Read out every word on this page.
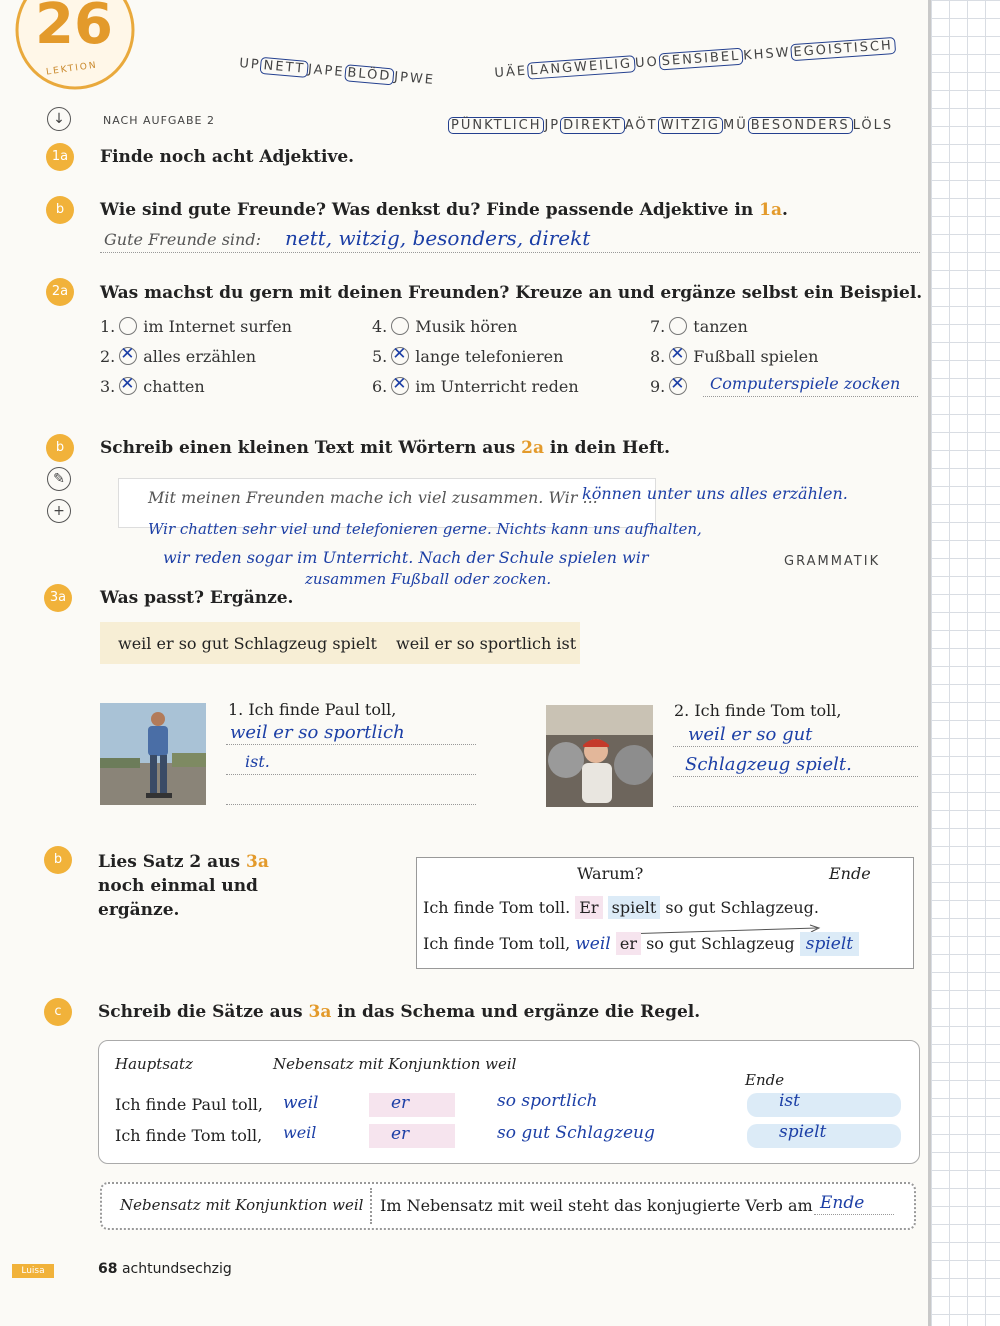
26
LEKTION
↓	NACH AUFGABE 2
UÄE LANGWEILIG UO SENSIBEL KHSW EGOISTISCH
UP NETT JAPE BLÖD JPWE
PÜNKTLICH JP DIREKT AÖT WITZIG MÜ BESONDERS LÖLS
1a	Finde noch acht Adjektive.
b	Wie sind gute Freunde? Was denkst du? Finde passende Adjektive in 1a.
Gute Freunde sind: nett, witzig, besonders, direkt
2a	Was machst du gern mit deinen Freunden? Kreuze an und ergänze selbst ein Beispiel.
1. im Internet surfen
2. ✕ alles erzählen
3. ✕ chatten
4. Musik hören
5. ✕ lange telefonieren
6. ✕ im Unterricht reden
7. tanzen
8. ✕ Fußball spielen
9. ✕	Computerspiele zocken
b	Schreib einen kleinen Text mit Wörtern aus 2a in dein Heft.
✎
+
Mit meinen Freunden mache ich viel zusammen. Wir ...
können unter uns alles erzählen.
Wir chatten sehr viel und telefonieren gerne. Nichts kann uns aufhalten,
wir reden sogar im Unterricht. Nach der Schule spielen wir
zusammen Fußball oder zocken.
GRAMMATIK
3a	Was passt? Ergänze.
weil er so gut Schlagzeug spielt weil er so sportlich ist
1. Ich finde Paul toll,
weil er so sportlich
ist.
2. Ich finde Tom toll,
weil er so gut
Schlagzeug spielt.
b	Lies Satz 2 aus 3a noch einmal und ergänze.
Warum?	Ende
Ich finde Tom toll. Er spielt so gut Schlagzeug.
Ich finde Tom toll, weil er so gut Schlagzeug spielt
c	Schreib die Sätze aus 3a in das Schema und ergänze die Regel.
Hauptsatz	Nebensatz mit Konjunktion weil
Ende
Ich finde Paul toll, weil	er	so sportlich	ist
Ich finde Tom toll, weil	er	so gut Schlagzeug	spielt
Nebensatz mit Konjunktion weil Im Nebensatz mit weil steht das konjugierte Verb am Ende
Luisa	68 achtundsechzig
